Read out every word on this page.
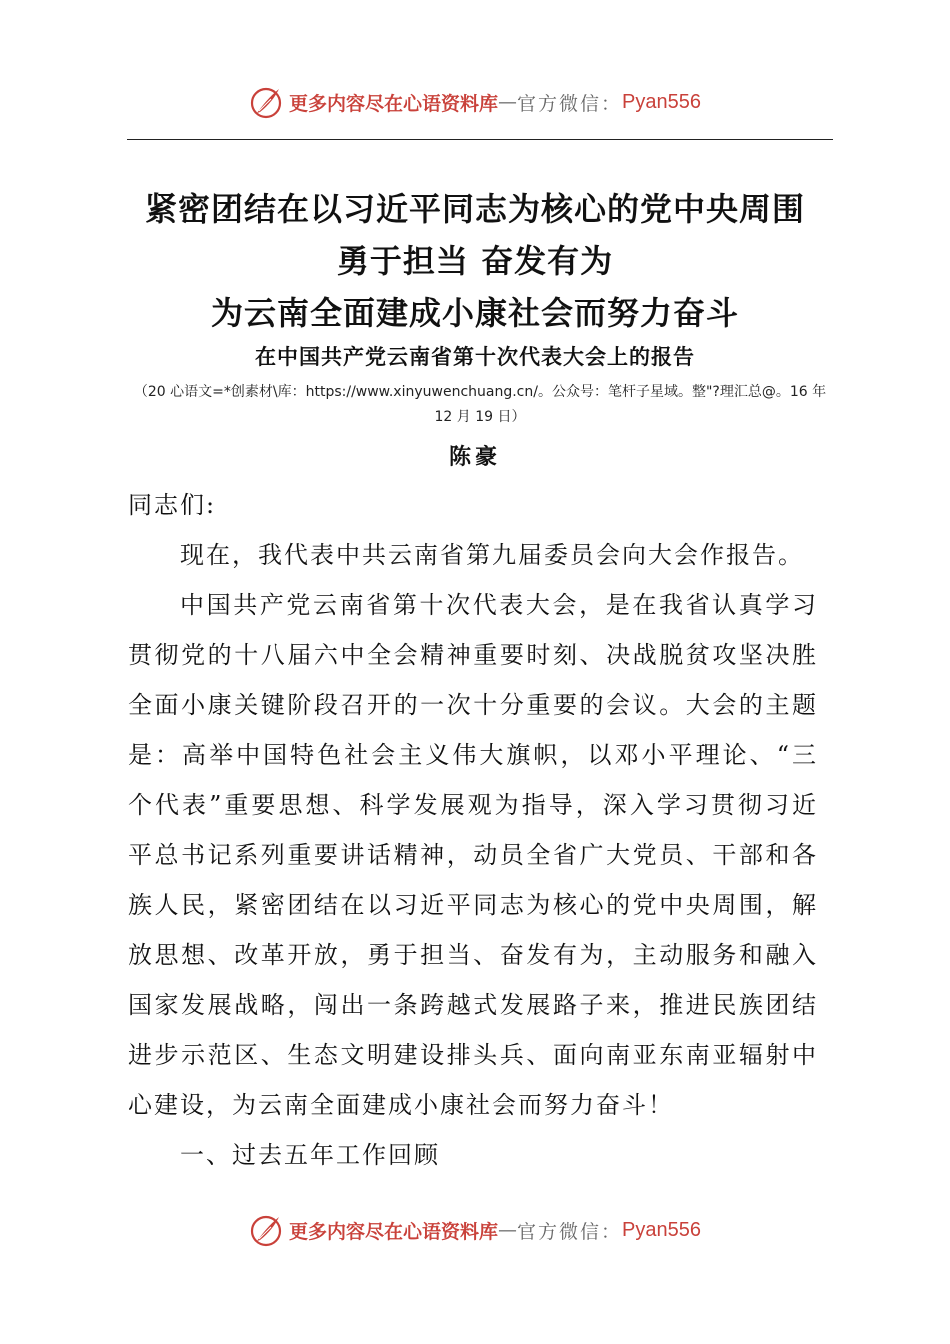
更多内容尽在心语资料库 — 官方微信： Pyan556
紧密团结在以习近平同志为核心的党中央周围
勇于担当 奋发有为
为云南全面建成小康社会而努力奋斗
在中国共产党云南省第十次代表大会上的报告

（20 心语文=*创素材\库：https://www.xinyuwenchuang.cn/。公众号：笔杆子星域。整"?理汇总@。16 年 12 月 19 日）

陈豪

同志们:

现在，我代表中共云南省第九届委员会向大会作报告。

中国共产党云南省第十次代表大会，是在我省认真学习贯彻党的十八届六中全会精神重要时刻、决战脱贫攻坚决胜全面小康关键阶段召开的一次十分重要的会议。大会的主题是：高举中国特色社会主义伟大旗帜，以邓小平理论、“三个代表”重要思想、科学发展观为指导，深入学习贯彻习近平总书记系列重要讲话精神，动员全省广大党员、干部和各族人民，紧密团结在以习近平同志为核心的党中央周围，解放思想、改革开放，勇于担当、奋发有为，主动服务和融入国家发展战略，闯出一条跨越式发展路子来，推进民族团结进步示范区、生态文明建设排头兵、面向南亚东南亚辐射中心建设，为云南全面建成小康社会而努力奋斗！

一、过去五年工作回顾

更多内容尽在心语资料库 — 官方微信： Pyan556
